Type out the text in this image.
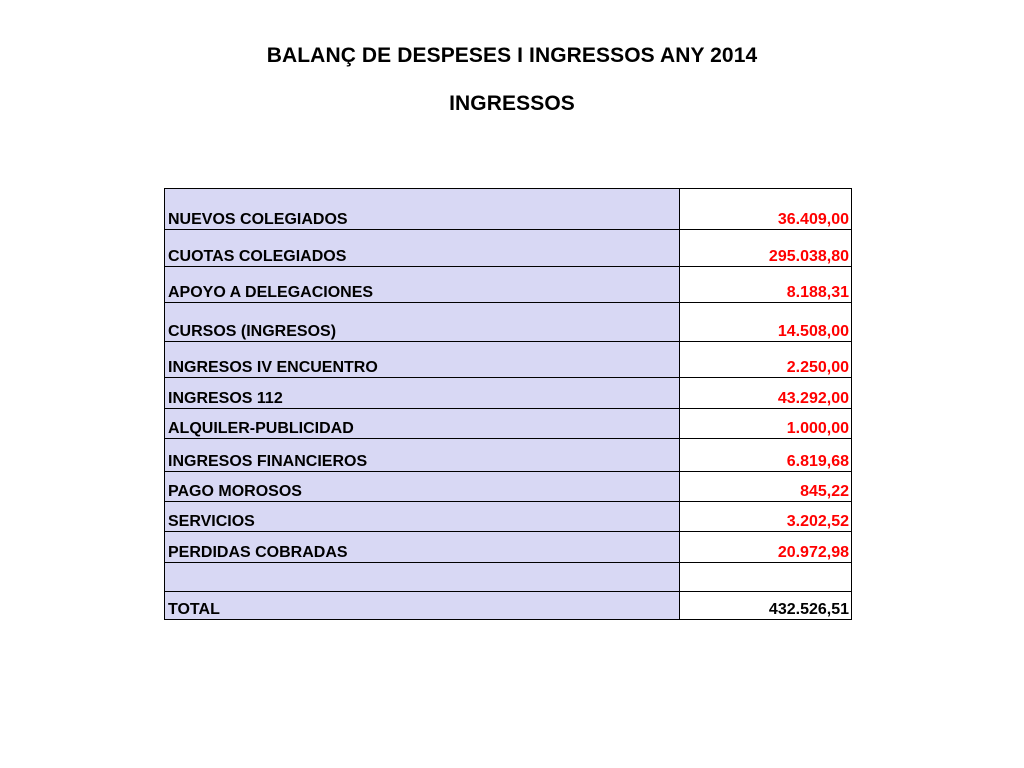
BALANÇ DE DESPESES I INGRESSOS ANY 2014
INGRESSOS
NUEVOS COLEGIADOS	36.409,00
CUOTAS COLEGIADOS	295.038,80
APOYO A DELEGACIONES	8.188,31
CURSOS (INGRESOS)	14.508,00
INGRESOS IV ENCUENTRO	2.250,00
INGRESOS 112	43.292,00
ALQUILER-PUBLICIDAD	1.000,00
INGRESOS FINANCIEROS	6.819,68
PAGO MOROSOS	845,22
SERVICIOS	3.202,52
PERDIDAS COBRADAS	20.972,98

TOTAL	432.526,51
